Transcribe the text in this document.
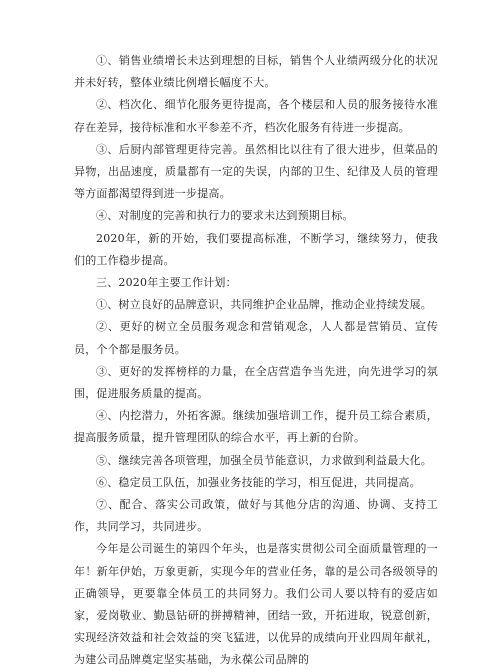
①、销售业绩增长未达到理想的目标，销售个人业绩两级分化的状况并未好转，整体业绩比例增长幅度不大。

②、档次化、细节化服务更待提高，各个楼层和人员的服务接待水准存在差异，接待标准和水平参差不齐，档次化服务有待进一步提高。

③、后厨内部管理更待完善。虽然相比以往有了很大进步，但菜品的异物，出品速度，质量都有一定的失误，内部的卫生、纪律及人员的管理等方面都渴望得到进一步提高。

④、对制度的完善和执行力的要求未达到预期目标。

2020年，新的开始，我们要提高标准，不断学习，继续努力，使我们的工作稳步提高。

三、2020年主要工作计划：

①、树立良好的品牌意识，共同维护企业品牌，推动企业持续发展。

②、更好的树立全员服务观念和营销观念，人人都是营销员、宣传员，个个都是服务员。

③、更好的发挥榜样的力量，在全店营造争当先进，向先进学习的氛围，促进服务质量的提高。

④、内挖潜力，外拓客源。继续加强培训工作，提升员工综合素质，提高服务质量，提升管理团队的综合水平，再上新的台阶。

⑤、继续完善各项管理，加强全员节能意识，力求做到利益最大化。

⑥、稳定员工队伍，加强业务技能的学习，相互促进，共同提高。

⑦、配合、落实公司政策，做好与其他分店的沟通、协调、支持工作，共同学习，共同进步。

今年是公司诞生的第四个年头，也是落实贯彻公司全面质量管理的一年！新年伊始，万象更新，实现今年的营业任务，靠的是公司各级领导的正确领导，更要靠全体员工的共同努力。我们公司人要以特有的爱店如家，爱岗敬业、勤恳钻研的拼搏精神，团结一致，开拓进取，锐意创新，实现经济效益和社会效益的突飞猛进，以优异的成绩向开业四周年献礼，为建公司品牌奠定坚实基础，为永葆公司品牌的
